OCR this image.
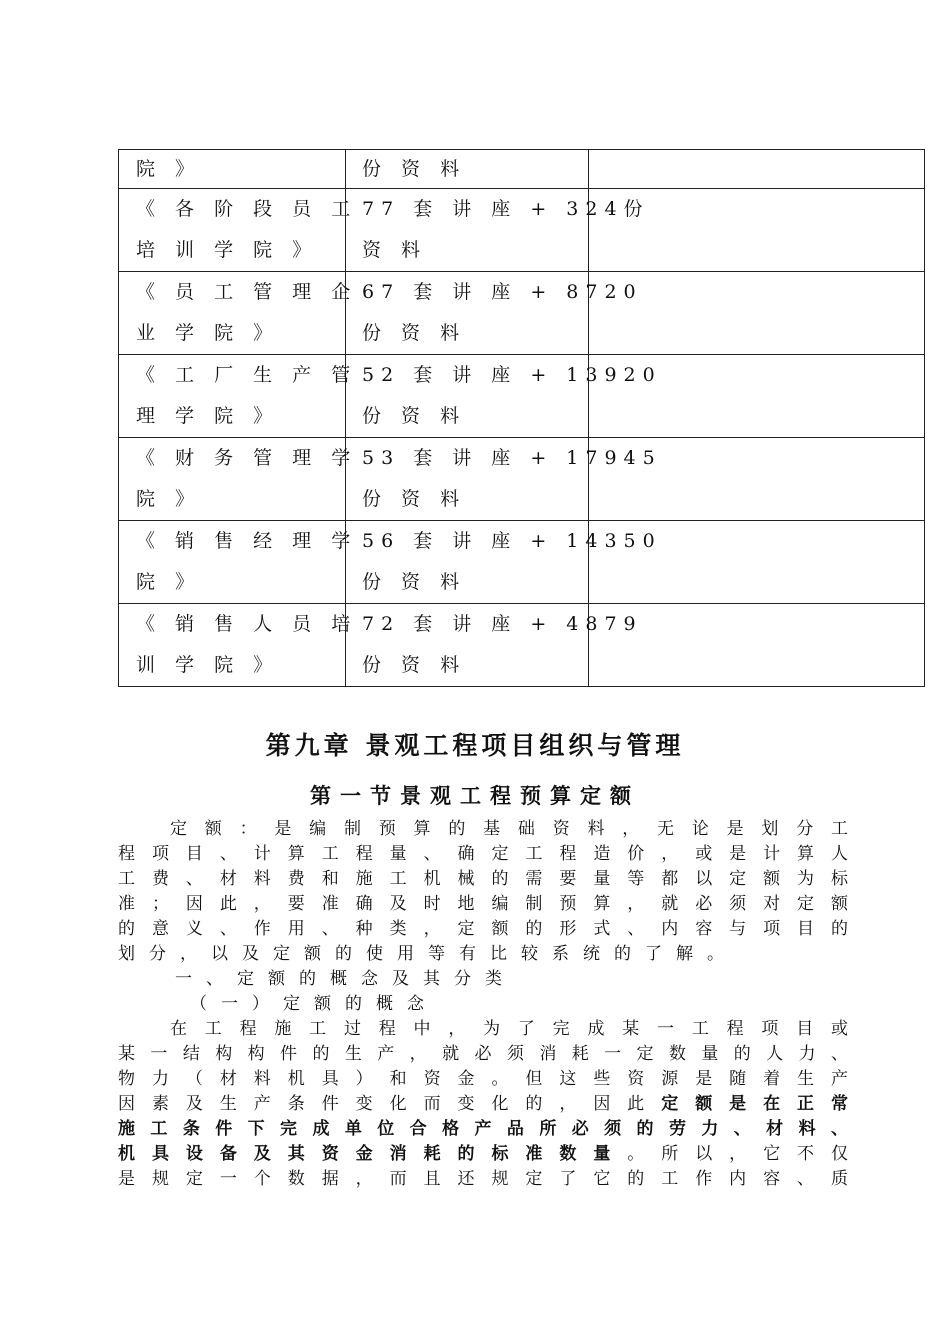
院 》	份 资 料	

《 各 阶 段 员 工
培 训 学 院 》	77 套 讲 座 + 324份
资 料	

《 员 工 管 理 企
业 学 院 》	67 套 讲 座 + 8720
份 资 料	

《 工 厂 生 产 管
理 学 院 》	52 套 讲 座 + 13920
份 资 料	

《 财 务 管 理 学
院 》	53 套 讲 座 + 17945
份 资 料	

《 销 售 经 理 学
院 》	56 套 讲 座 + 14350
份 资 料	

《 销 售 人 员 培
训 学 院 》	72 套 讲 座 + 4879
份 资 料	

第九章 景观工程项目组织与管理
第一节景观工程预算定额
定额：是编制预算的基础资料，无论是划分工
程项目、计算工程量、确定工程造价，或是计算人
工费、材料费和施工机械的需要量等都以定额为标
准；因此，要准确及时地编制预算，就必须对定额
的意义、作用、种类，定额的形式、内容与项目的
划分，以及定额的使用等有比较系统的了解。
一、定额的概念及其分类
（一）定额的概念
在工程施工过程中，为了完成某一工程项目或
某一结构构件的生产，就必须消耗一定数量的人力、
物力（材料机具）和资金。但这些资源是随着生产
因素及生产条件变化而变化的，因此定额是在正常
施工条件下完成单位合格产品所必须的劳力、材料、
机具设备及其资金消耗的标准数量。所以，它不仅
是规定一个数据，而且还规定了它的工作内容、质
